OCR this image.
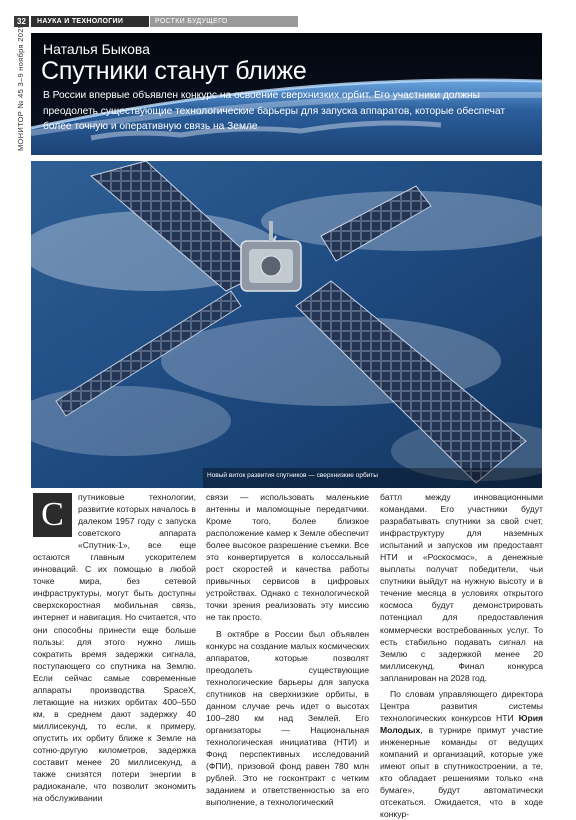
32	НАУКА И ТЕХНОЛОГИИ	РОСТКИ БУДУЩЕГО
МОНИТОР № 45 3–9 ноября 2025 Наталья Быкова
Спутники станут ближе
В России впервые объявлен конкурс на освоение сверхнизких орбит. Его участники должны преодолеть существующие технологические барьеры для запуска аппаратов, которые обеспечат более точную и оперативную связь на Земле
Новый виток развития спутников — сверхнизкие орбиты
С	путниковые технологии, развитие которых началось в далеком 1957 году с запуска советского аппарата «Спутник-1», все еще остаются главным ускорителем инноваций. С их помощью в любой точке мира, без сетевой инфраструктуры, могут быть доступны сверхскоростная мобильная связь, интернет и навигация. Но считается, что они способны принести еще больше пользы: для этого нужно лишь сократить время задержки сигнала, поступающего со спутника на Землю. Если сейчас самые современные аппараты производства SpaceX, летающие на низких орбитах 400–550 км, в среднем дают задержку 40 миллисекунд, то если, к примеру, опустить их орбиту ближе к Земле на сотню-другую километров, задержка составит менее 20 миллисекунд, а также снизятся потери энергии в радиоканале, что позволит экономить на обслуживании

связи — использовать маленькие антенны и маломощные передатчики. Кроме того, более близкое расположение камер к Земле обеспечит более высокое разрешение съемки. Все это конвертируется в колоссальный рост скоростей и качества работы привычных сервисов в цифровых устройствах. Однако с технологической точки зрения реализовать эту миссию не так просто.

В октябре в России был объявлен конкурс на создание малых космических аппаратов, которые позволят преодолеть существующие технологические барьеры для запуска спутников на сверхнизкие орбиты, в данном случае речь идет о высотах 100–280 км над Землей. Его организаторы — Национальная технологическая инициатива (НТИ) и Фонд перспективных исследований (ФПИ), призовой фонд равен 780 млн рублей. Это не госконтракт с четким заданием и ответственностью за его выполнение, а технологический

баттл между инновационными командами. Его участники будут разрабатывать спутники за свой счет, инфраструктуру для наземных испытаний и запусков им предоставят НТИ и «Роскосмос», а денежные выплаты получат победители, чьи спутники выйдут на нужную высоту и в течение месяца в условиях открытого космоса будут демонстрировать потенциал для предоставления коммерчески востребованных услуг. То есть стабильно подавать сигнал на Землю с задержкой менее 20 миллисекунд. Финал конкурса запланирован на 2028 год.

По словам управляющего директора Центра развития системы технологических конкурсов НТИ Юрия Молодых, в турнире примут участие инженерные команды от ведущих компаний и организаций, которые уже имеют опыт в спутникостроении, а те, кто обладает решениями только «на бумаге», будут автоматически отсекаться. Ожидается, что в ходе конкур-
